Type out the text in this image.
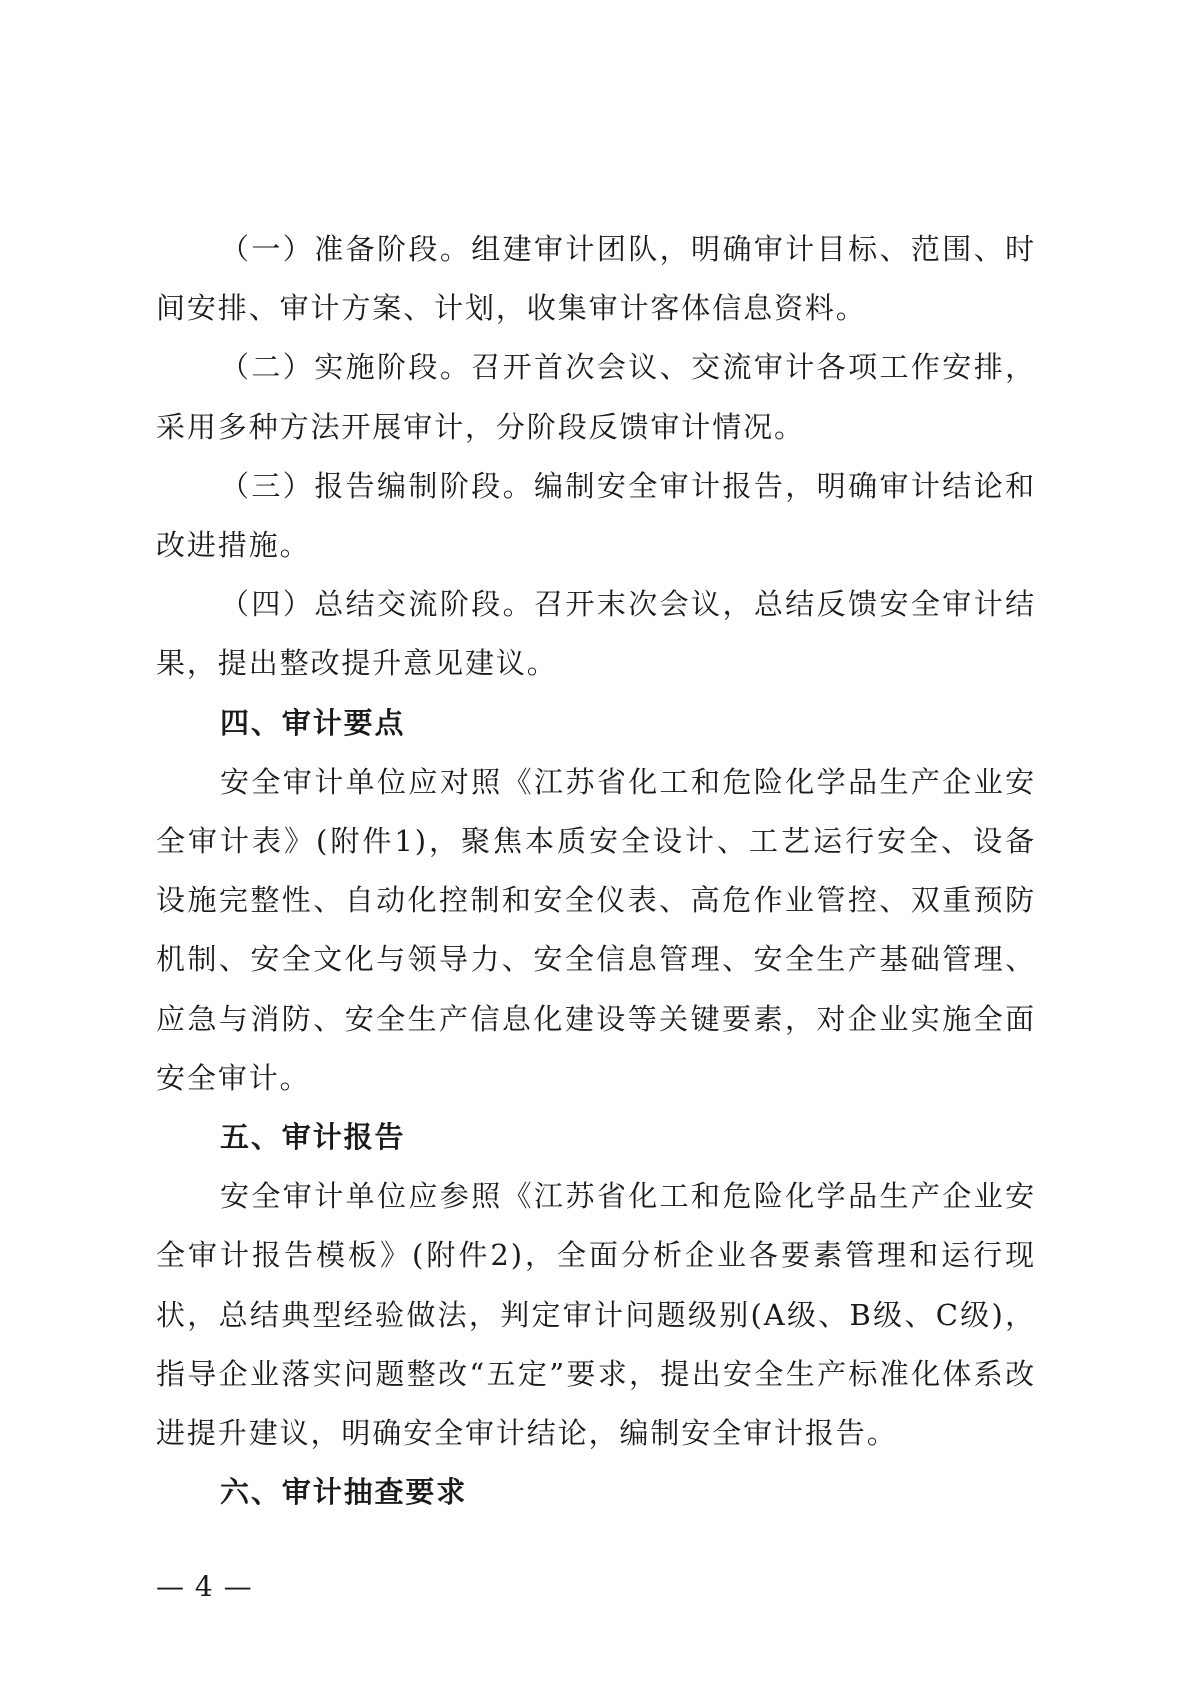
（一）准备阶段。组建审计团队，明确审计目标、范围、时间安排、审计方案、计划，收集审计客体信息资料。

（二）实施阶段。召开首次会议、交流审计各项工作安排，采用多种方法开展审计，分阶段反馈审计情况。

（三）报告编制阶段。编制安全审计报告，明确审计结论和改进措施。

（四）总结交流阶段。召开末次会议，总结反馈安全审计结果，提出整改提升意见建议。

四、审计要点

安全审计单位应对照《江苏省化工和危险化学品生产企业安全审计表》(附件1)，聚焦本质安全设计、工艺运行安全、设备设施完整性、自动化控制和安全仪表、高危作业管控、双重预防机制、安全文化与领导力、安全信息管理、安全生产基础管理、应急与消防、安全生产信息化建设等关键要素，对企业实施全面安全审计。

五、审计报告

安全审计单位应参照《江苏省化工和危险化学品生产企业安全审计报告模板》(附件2)，全面分析企业各要素管理和运行现状，总结典型经验做法，判定审计问题级别(A级、B级、C级)，指导企业落实问题整改“五定”要求，提出安全生产标准化体系改进提升建议，明确安全审计结论，编制安全审计报告。

六、审计抽查要求

— 4 —
